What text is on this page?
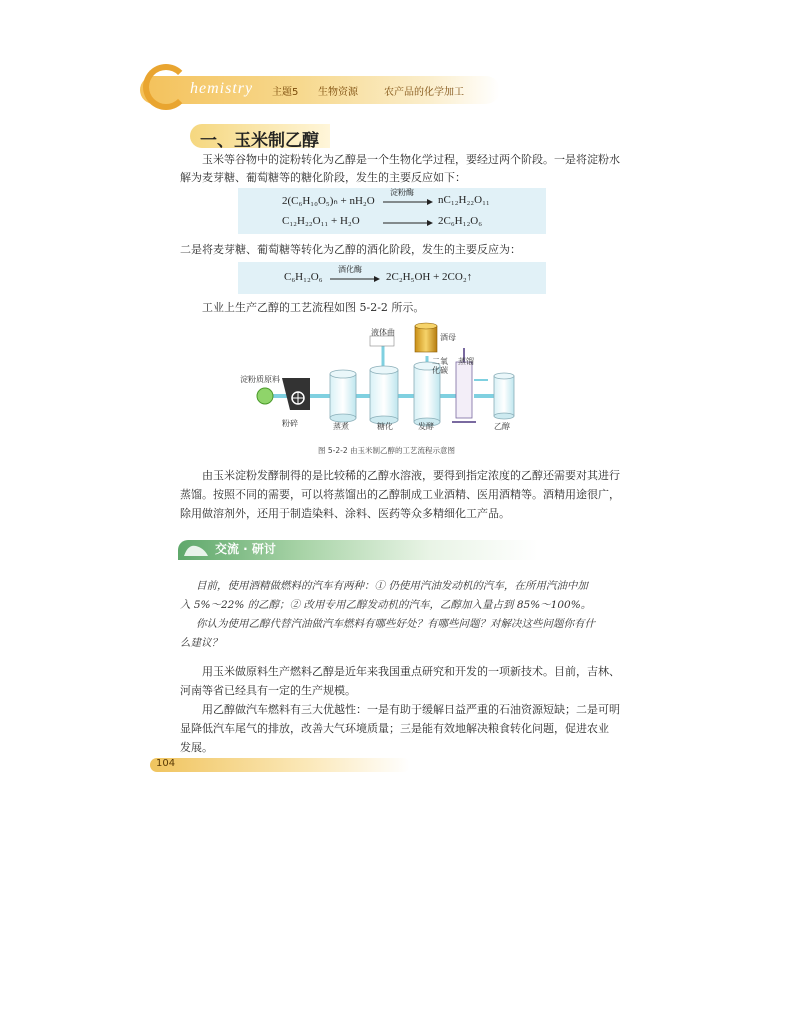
hemistry 主题5 生物资源	农产品的化学加工
一、玉米制乙醇
玉米等谷物中的淀粉转化为乙醇是一个生物化学过程，要经过两个阶段。一是将淀粉水
解为麦芽糖、葡萄糖等的糖化阶段，发生的主要反应如下：
2(C₆H₁₀O₅)ₙ + nH₂O
淀粉酶
→ nC₁₂H₂₂O₁₁
C₁₂H₂₂O₁₁ + H₂O → 2C₆H₁₂O₆
二是将麦芽糖、葡萄糖等转化为乙醇的酒化阶段，发生的主要反应为：
C₆H₁₂O₆
酒化酶
→ 2C₂H₅OH + 2CO₂↑
工业上生产乙醇的工艺流程如图 5-2-2 所示。
淀粉质原料
粉碎	蒸煮	糖化	发酵	乙醇
液体曲
酒母
二氧
化碳
蒸馏
图 5-2-2 由玉米制乙醇的工艺流程示意图
由玉米淀粉发酵制得的是比较稀的乙醇水溶液，要得到指定浓度的乙醇还需要对其进行
蒸馏。按照不同的需要，可以将蒸馏出的乙醇制成工业酒精、医用酒精等。酒精用途很广，
除用做溶剂外，还用于制造染料、涂料、医药等众多精细化工产品。
交流 · 研讨
目前，使用酒精做燃料的汽车有两种：① 仍使用汽油发动机的汽车，在所用汽油中加
入 5%～22% 的乙醇；② 改用专用乙醇发动机的汽车，乙醇加入量占到 85%～100%。
你认为使用乙醇代替汽油做汽车燃料有哪些好处？有哪些问题？对解决这些问题你有什
么建议？
用玉米做原料生产燃料乙醇是近年来我国重点研究和开发的一项新技术。目前，吉林、
河南等省已经具有一定的生产规模。
用乙醇做汽车燃料有三大优越性：一是有助于缓解日益严重的石油资源短缺；二是可明
显降低汽车尾气的排放，改善大气环境质量；三是能有效地解决粮食转化问题，促进农业
发展。
104
